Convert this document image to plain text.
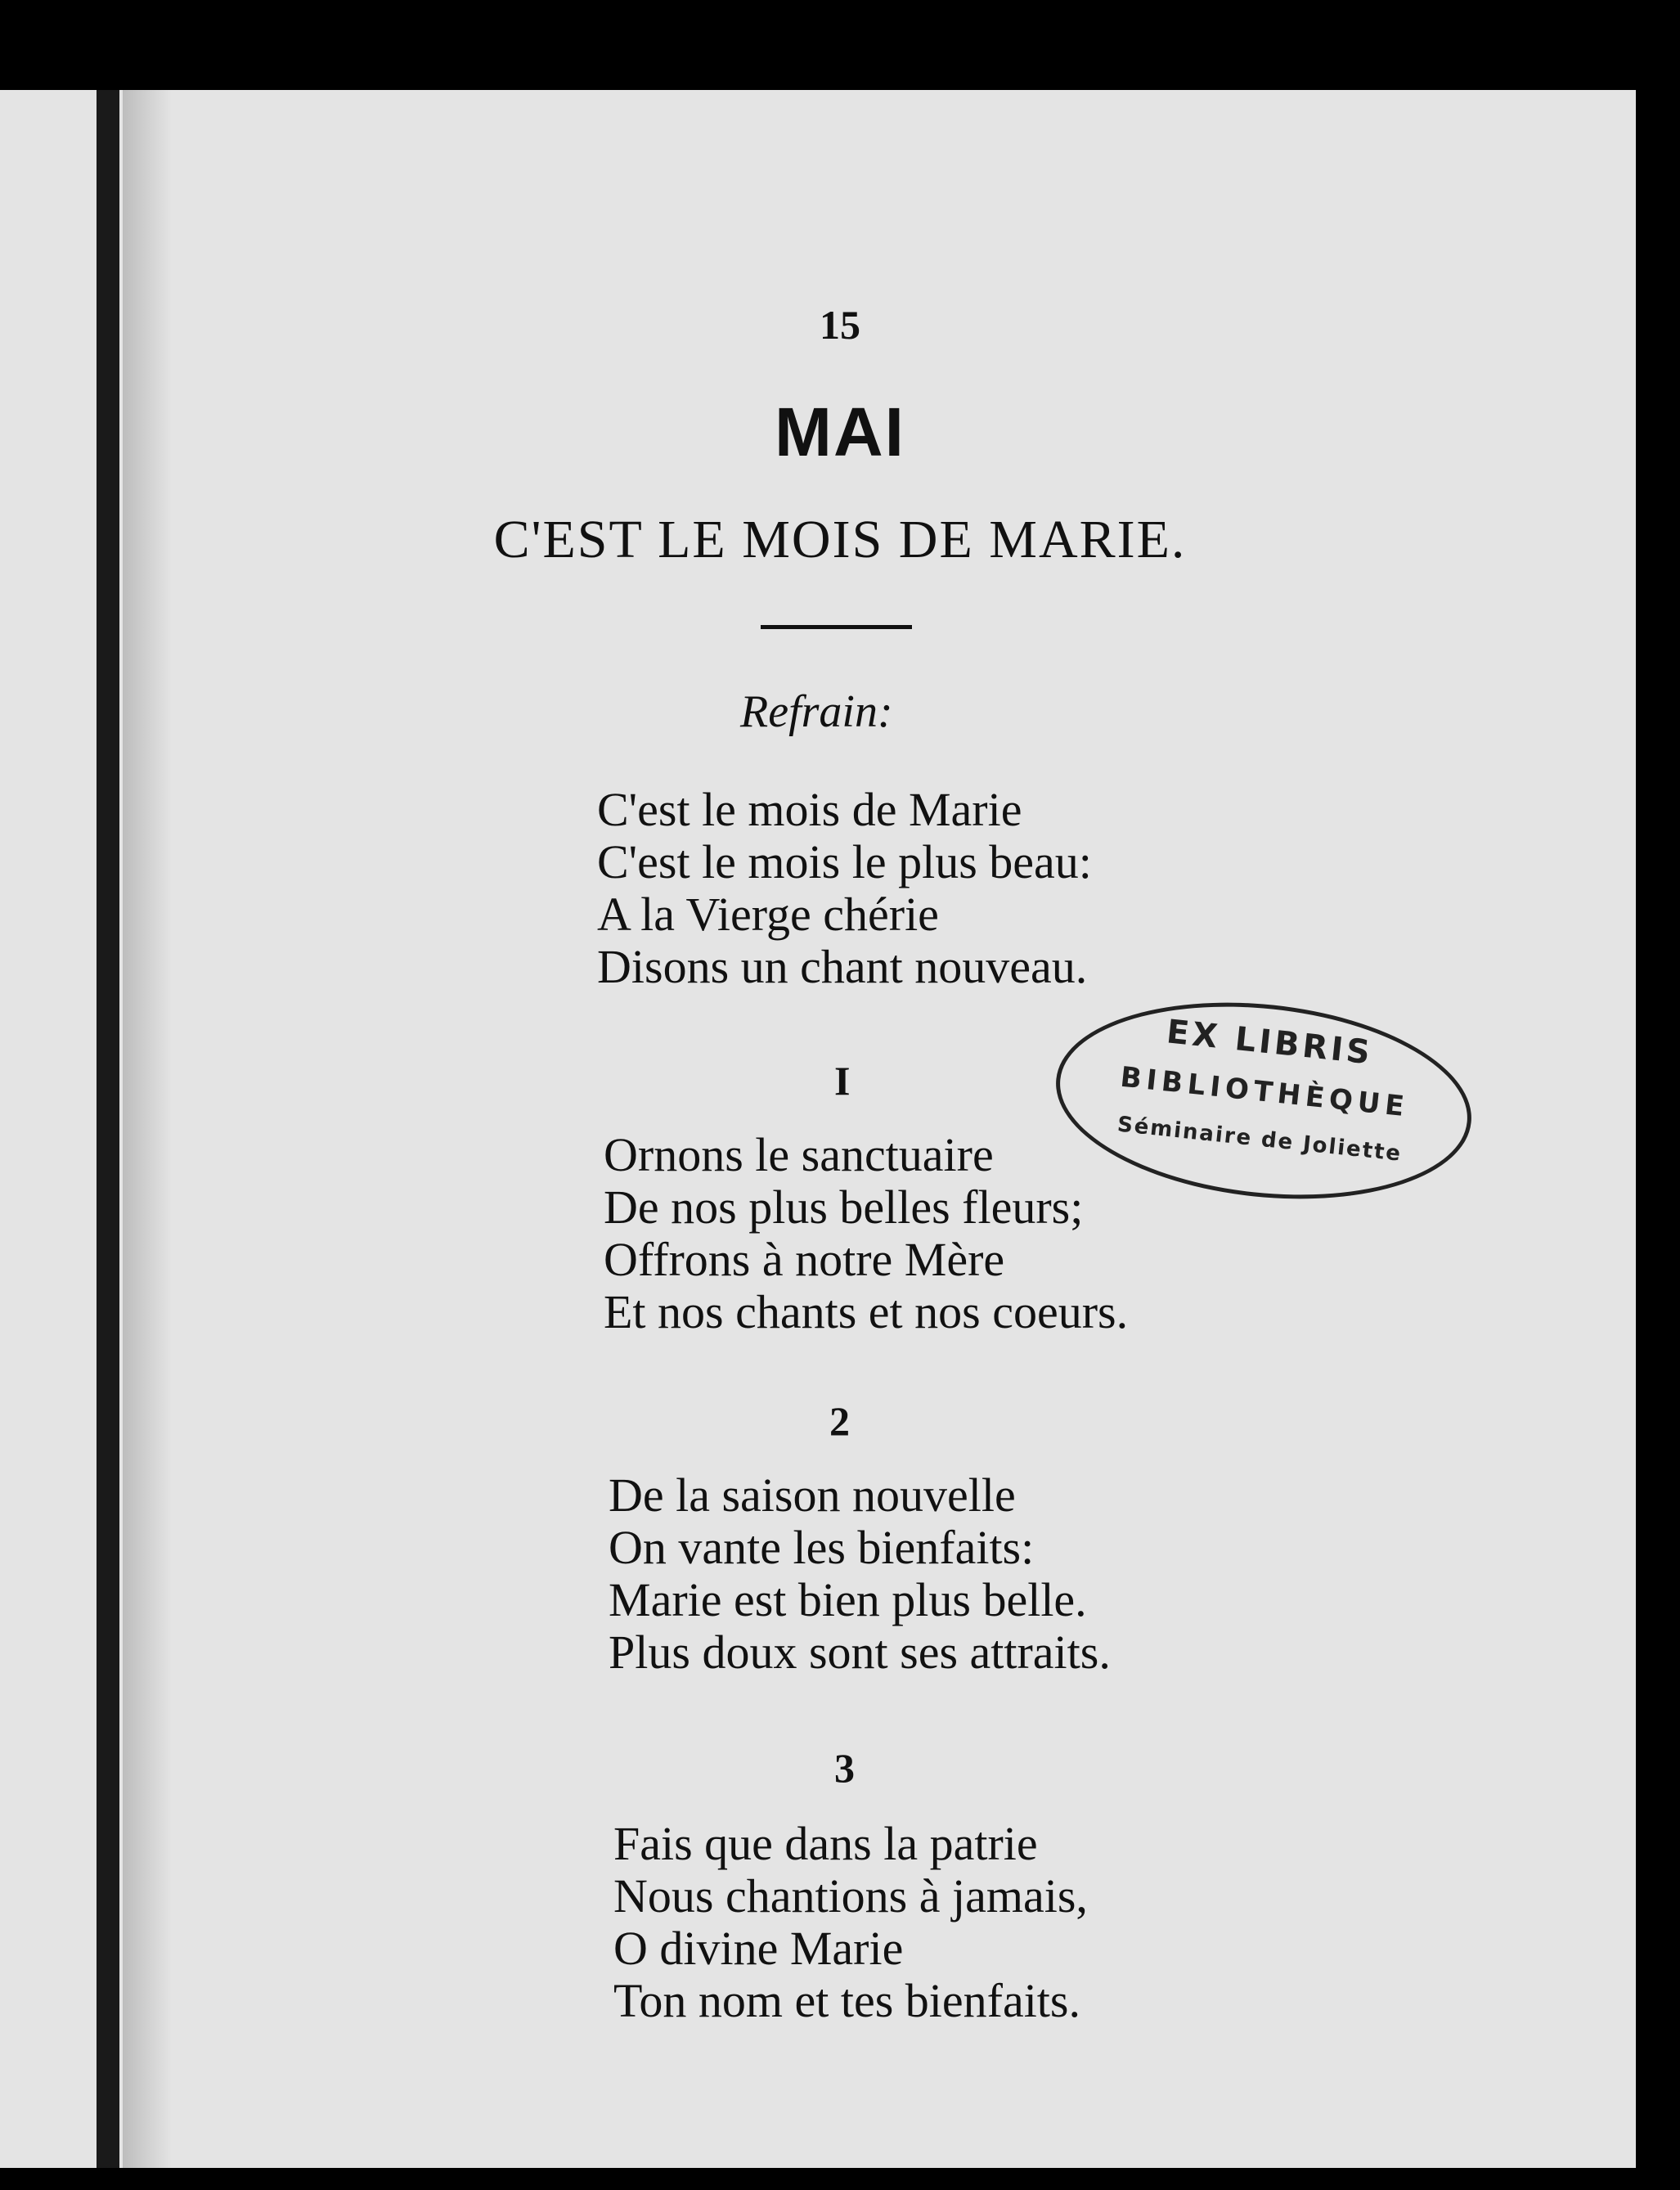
15
MAI
C'EST LE MOIS DE MARIE.
Refrain:
C'est le mois de Marie
C'est le mois le plus beau:
A la Vierge chérie
Disons un chant nouveau.
I
Ornons le sanctuaire
De nos plus belles fleurs;
Offrons à notre Mère
Et nos chants et nos coeurs.
2
De la saison nouvelle
On vante les bienfaits:
Marie est bien plus belle.
Plus doux sont ses attraits.
3
Fais que dans la patrie
Nous chantions à jamais,
O divine Marie
Ton nom et tes bienfaits.
EX LIBRIS
BIBLIOTHÈQUE
Séminaire de Joliette
